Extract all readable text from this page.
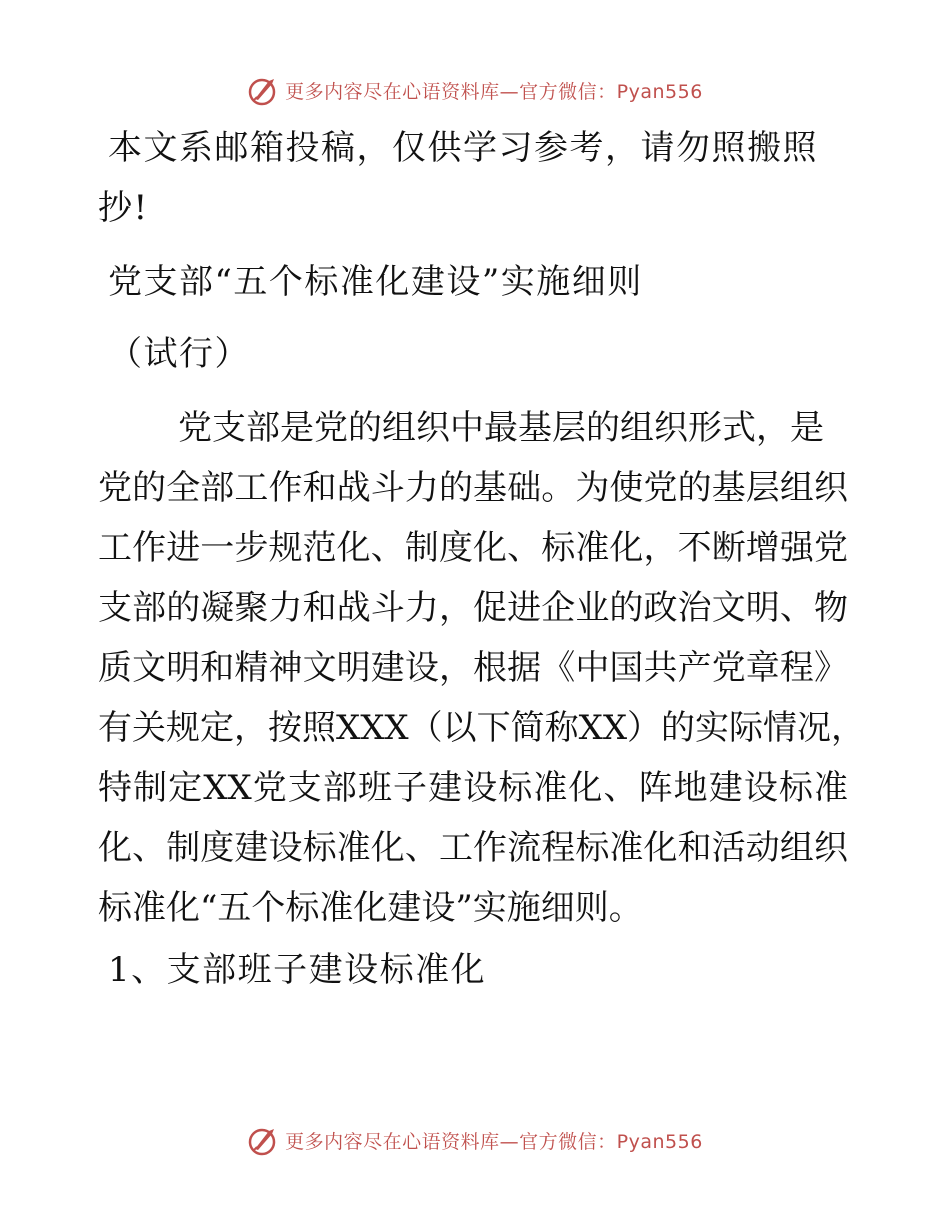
更多内容尽在心语资料库—官方微信：Pyan556
本文系邮箱投稿，仅供学习参考，请勿照搬照
抄!
党支部“五个标准化建设”实施细则
（试行）
党支部是党的组织中最基层的组织形式，是
党的全部工作和战斗力的基础。为使党的基层组织
工作进一步规范化、制度化、标准化，不断增强党
支部的凝聚力和战斗力，促进企业的政治文明、物
质文明和精神文明建设，根据《中国共产党章程》
有关规定，按照XXX（以下简称XX）的实际情况，
特制定XX党支部班子建设标准化、阵地建设标准
化、制度建设标准化、工作流程标准化和活动组织
标准化“五个标准化建设”实施细则。
1、支部班子建设标准化
更多内容尽在心语资料库—官方微信：Pyan556
